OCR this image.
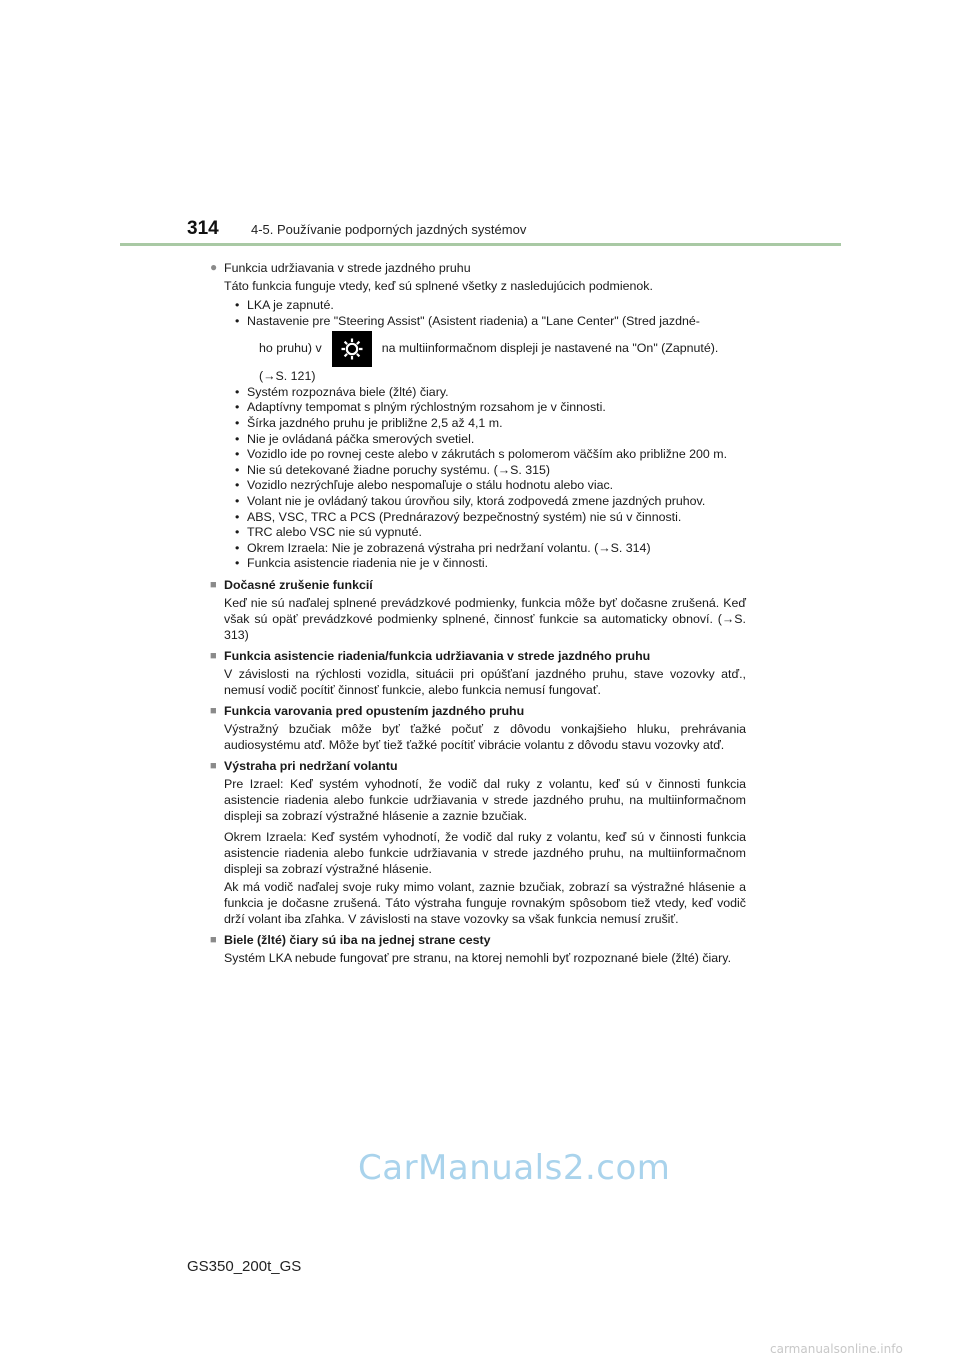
314	4-5. Používanie podporných jazdných systémov
● Funkcia udržiavania v strede jazdného pruhu
Táto funkcia funguje vtedy, keď sú splnené všetky z nasledujúcich podmienok.
• LKA je zapnuté.
• Nastavenie pre "Steering Assist" (Asistent riadenia) a "Lane Center" (Stred jazdné-
ho pruhu) v	na multiinformačnom displeji je nastavené na "On" (Zapnuté).
(→S. 121)
• Systém rozpoznáva biele (žlté) čiary.
• Adaptívny tempomat s plným rýchlostným rozsahom je v činnosti.
• Šírka jazdného pruhu je približne 2,5 až 4,1 m.
• Nie je ovládaná páčka smerových svetiel.
• Vozidlo ide po rovnej ceste alebo v zákrutách s polomerom väčším ako približne 200 m.
• Nie sú detekované žiadne poruchy systému. (→S. 315)
• Vozidlo nezrýchľuje alebo nespomaľuje o stálu hodnotu alebo viac.
• Volant nie je ovládaný takou úrovňou sily, ktorá zodpovedá zmene jazdných pruhov.
• ABS, VSC, TRC a PCS (Prednárazový bezpečnostný systém) nie sú v činnosti.
• TRC alebo VSC nie sú vypnuté.
• Okrem Izraela: Nie je zobrazená výstraha pri nedržaní volantu. (→S. 314)
• Funkcia asistencie riadenia nie je v činnosti.
■ Dočasné zrušenie funkcií
Keď nie sú naďalej splnené prevádzkové podmienky, funkcia môže byť dočasne zrušená. Keď však sú opäť prevádzkové podmienky splnené, činnosť funkcie sa automaticky obnoví. (→S. 313)
■ Funkcia asistencie riadenia/funkcia udržiavania v strede jazdného pruhu
V závislosti na rýchlosti vozidla, situácii pri opúšťaní jazdného pruhu, stave vozovky atď., nemusí vodič pocítiť činnosť funkcie, alebo funkcia nemusí fungovať.
■ Funkcia varovania pred opustením jazdného pruhu
Výstražný bzučiak môže byť ťažké počuť z dôvodu vonkajšieho hluku, prehrávania audiosystému atď. Môže byť tiež ťažké pocítiť vibrácie volantu z dôvodu stavu vozovky atď.
■ Výstraha pri nedržaní volantu
Pre Izrael: Keď systém vyhodnotí, že vodič dal ruky z volantu, keď sú v činnosti funkcia asistencie riadenia alebo funkcie udržiavania v strede jazdného pruhu, na multiinformačnom displeji sa zobrazí výstražné hlásenie a zaznie bzučiak.
Okrem Izraela: Keď systém vyhodnotí, že vodič dal ruky z volantu, keď sú v činnosti funkcia asistencie riadenia alebo funkcie udržiavania v strede jazdného pruhu, na multiinformačnom displeji sa zobrazí výstražné hlásenie.
Ak má vodič naďalej svoje ruky mimo volant, zaznie bzučiak, zobrazí sa výstražné hlásenie a funkcia je dočasne zrušená. Táto výstraha funguje rovnakým spôsobom tiež vtedy, keď vodič drží volant iba zľahka. V závislosti na stave vozovky sa však funkcia nemusí zrušiť.
■ Biele (žlté) čiary sú iba na jednej strane cesty
Systém LKA nebude fungovať pre stranu, na ktorej nemohli byť rozpoznané biele (žlté) čiary.
CarManuals2.com
GS350_200t_GS
carmanualsonline.info
